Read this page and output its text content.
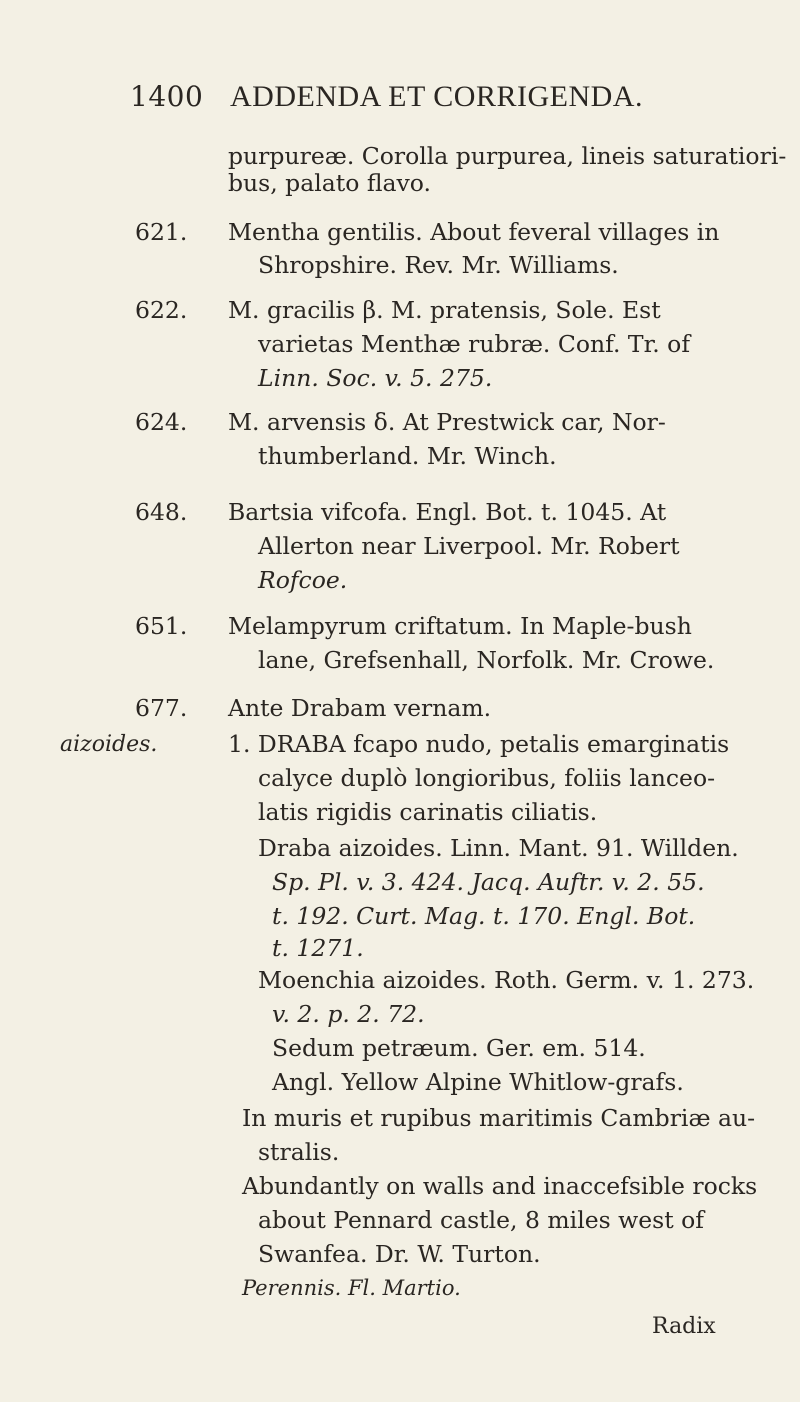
1400 ADDENDA ET CORRIGENDA.
purpureæ. Corolla purpurea, lineis saturatiori-
bus, palato flavo.
621. Mentha gentilis. About feveral villages in
Shropshire. Rev. Mr. Williams.
622. M. gracilis β. M. pratensis, Sole. Est
varietas Menthæ rubræ. Conf. Tr. of
Linn. Soc. v. 5. 275.
624. M. arvensis δ. At Prestwick car, Nor-
thumberland. Mr. Winch.
648. Bartsia vifcofa. Engl. Bot. t. 1045. At
Allerton near Liverpool. Mr. Robert
Rofcoe.
651. Melampyrum criftatum. In Maple-bush
lane, Grefsenhall, Norfolk. Mr. Crowe.
677. Ante Drabam vernam.
aizoides.	1. DRABA fcapo nudo, petalis emarginatis
calyce duplò longioribus, foliis lanceo-
latis rigidis carinatis ciliatis.
Draba aizoides. Linn. Mant. 91. Willden.
Sp. Pl. v. 3. 424. Jacq. Auftr. v. 2. 55.
t. 192. Curt. Mag. t. 170. Engl. Bot.
t. 1271.
Moenchia aizoides. Roth. Germ. v. 1. 273.
v. 2. p. 2. 72.
Sedum petræum. Ger. em. 514.
Angl. Yellow Alpine Whitlow-grafs.
In muris et rupibus maritimis Cambriæ au-
stralis.
Abundantly on walls and inaccefsible rocks
about Pennard castle, 8 miles west of
Swanfea. Dr. W. Turton.
Perennis. Fl. Martio.
Radix
